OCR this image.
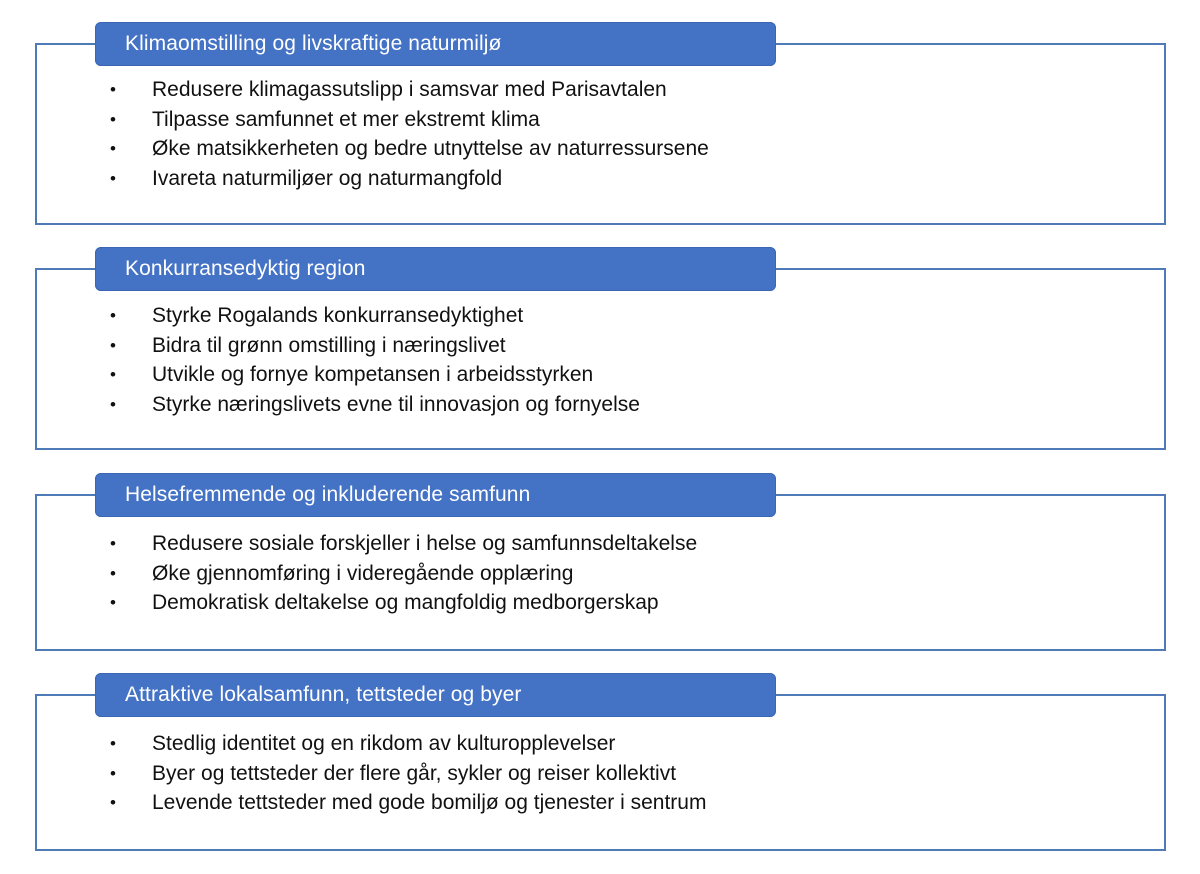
Klimaomstilling og livskraftige naturmiljø
• Redusere klimagassutslipp i samsvar med Parisavtalen
• Tilpasse samfunnet et mer ekstremt klima
• Øke matsikkerheten og bedre utnyttelse av naturressursene
• Ivareta naturmiljøer og naturmangfold
Konkurransedyktig region
• Styrke Rogalands konkurransedyktighet
• Bidra til grønn omstilling i næringslivet
• Utvikle og fornye kompetansen i arbeidsstyrken
• Styrke næringslivets evne til innovasjon og fornyelse
Helsefremmende og inkluderende samfunn
• Redusere sosiale forskjeller i helse og samfunnsdeltakelse
• Øke gjennomføring i videregående opplæring
• Demokratisk deltakelse og mangfoldig medborgerskap
Attraktive lokalsamfunn, tettsteder og byer
• Stedlig identitet og en rikdom av kulturopplevelser
• Byer og tettsteder der flere går, sykler og reiser kollektivt
• Levende tettsteder med gode bomiljø og tjenester i sentrum
